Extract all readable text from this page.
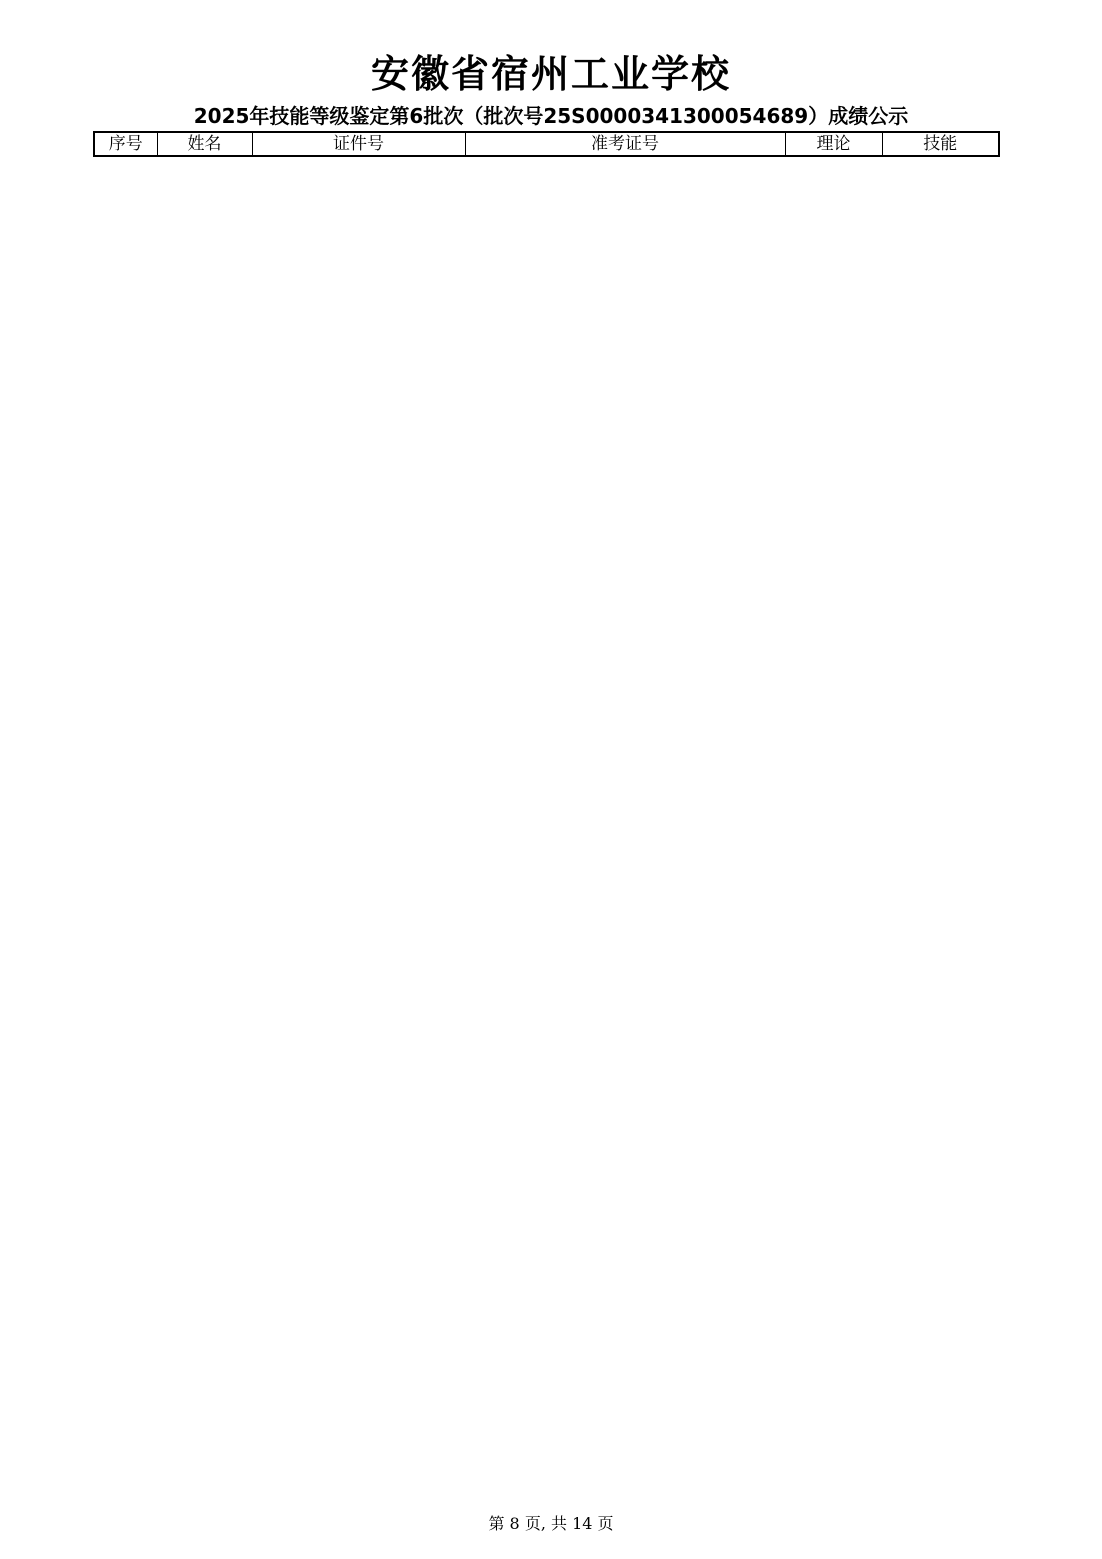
安徽省宿州工业学校
2025年技能等级鉴定第6批次（批次号25S0000341300054689）成绩公示
序号	姓名	证件号	准考证号	理论	技能
第 8 页, 共 14 页
